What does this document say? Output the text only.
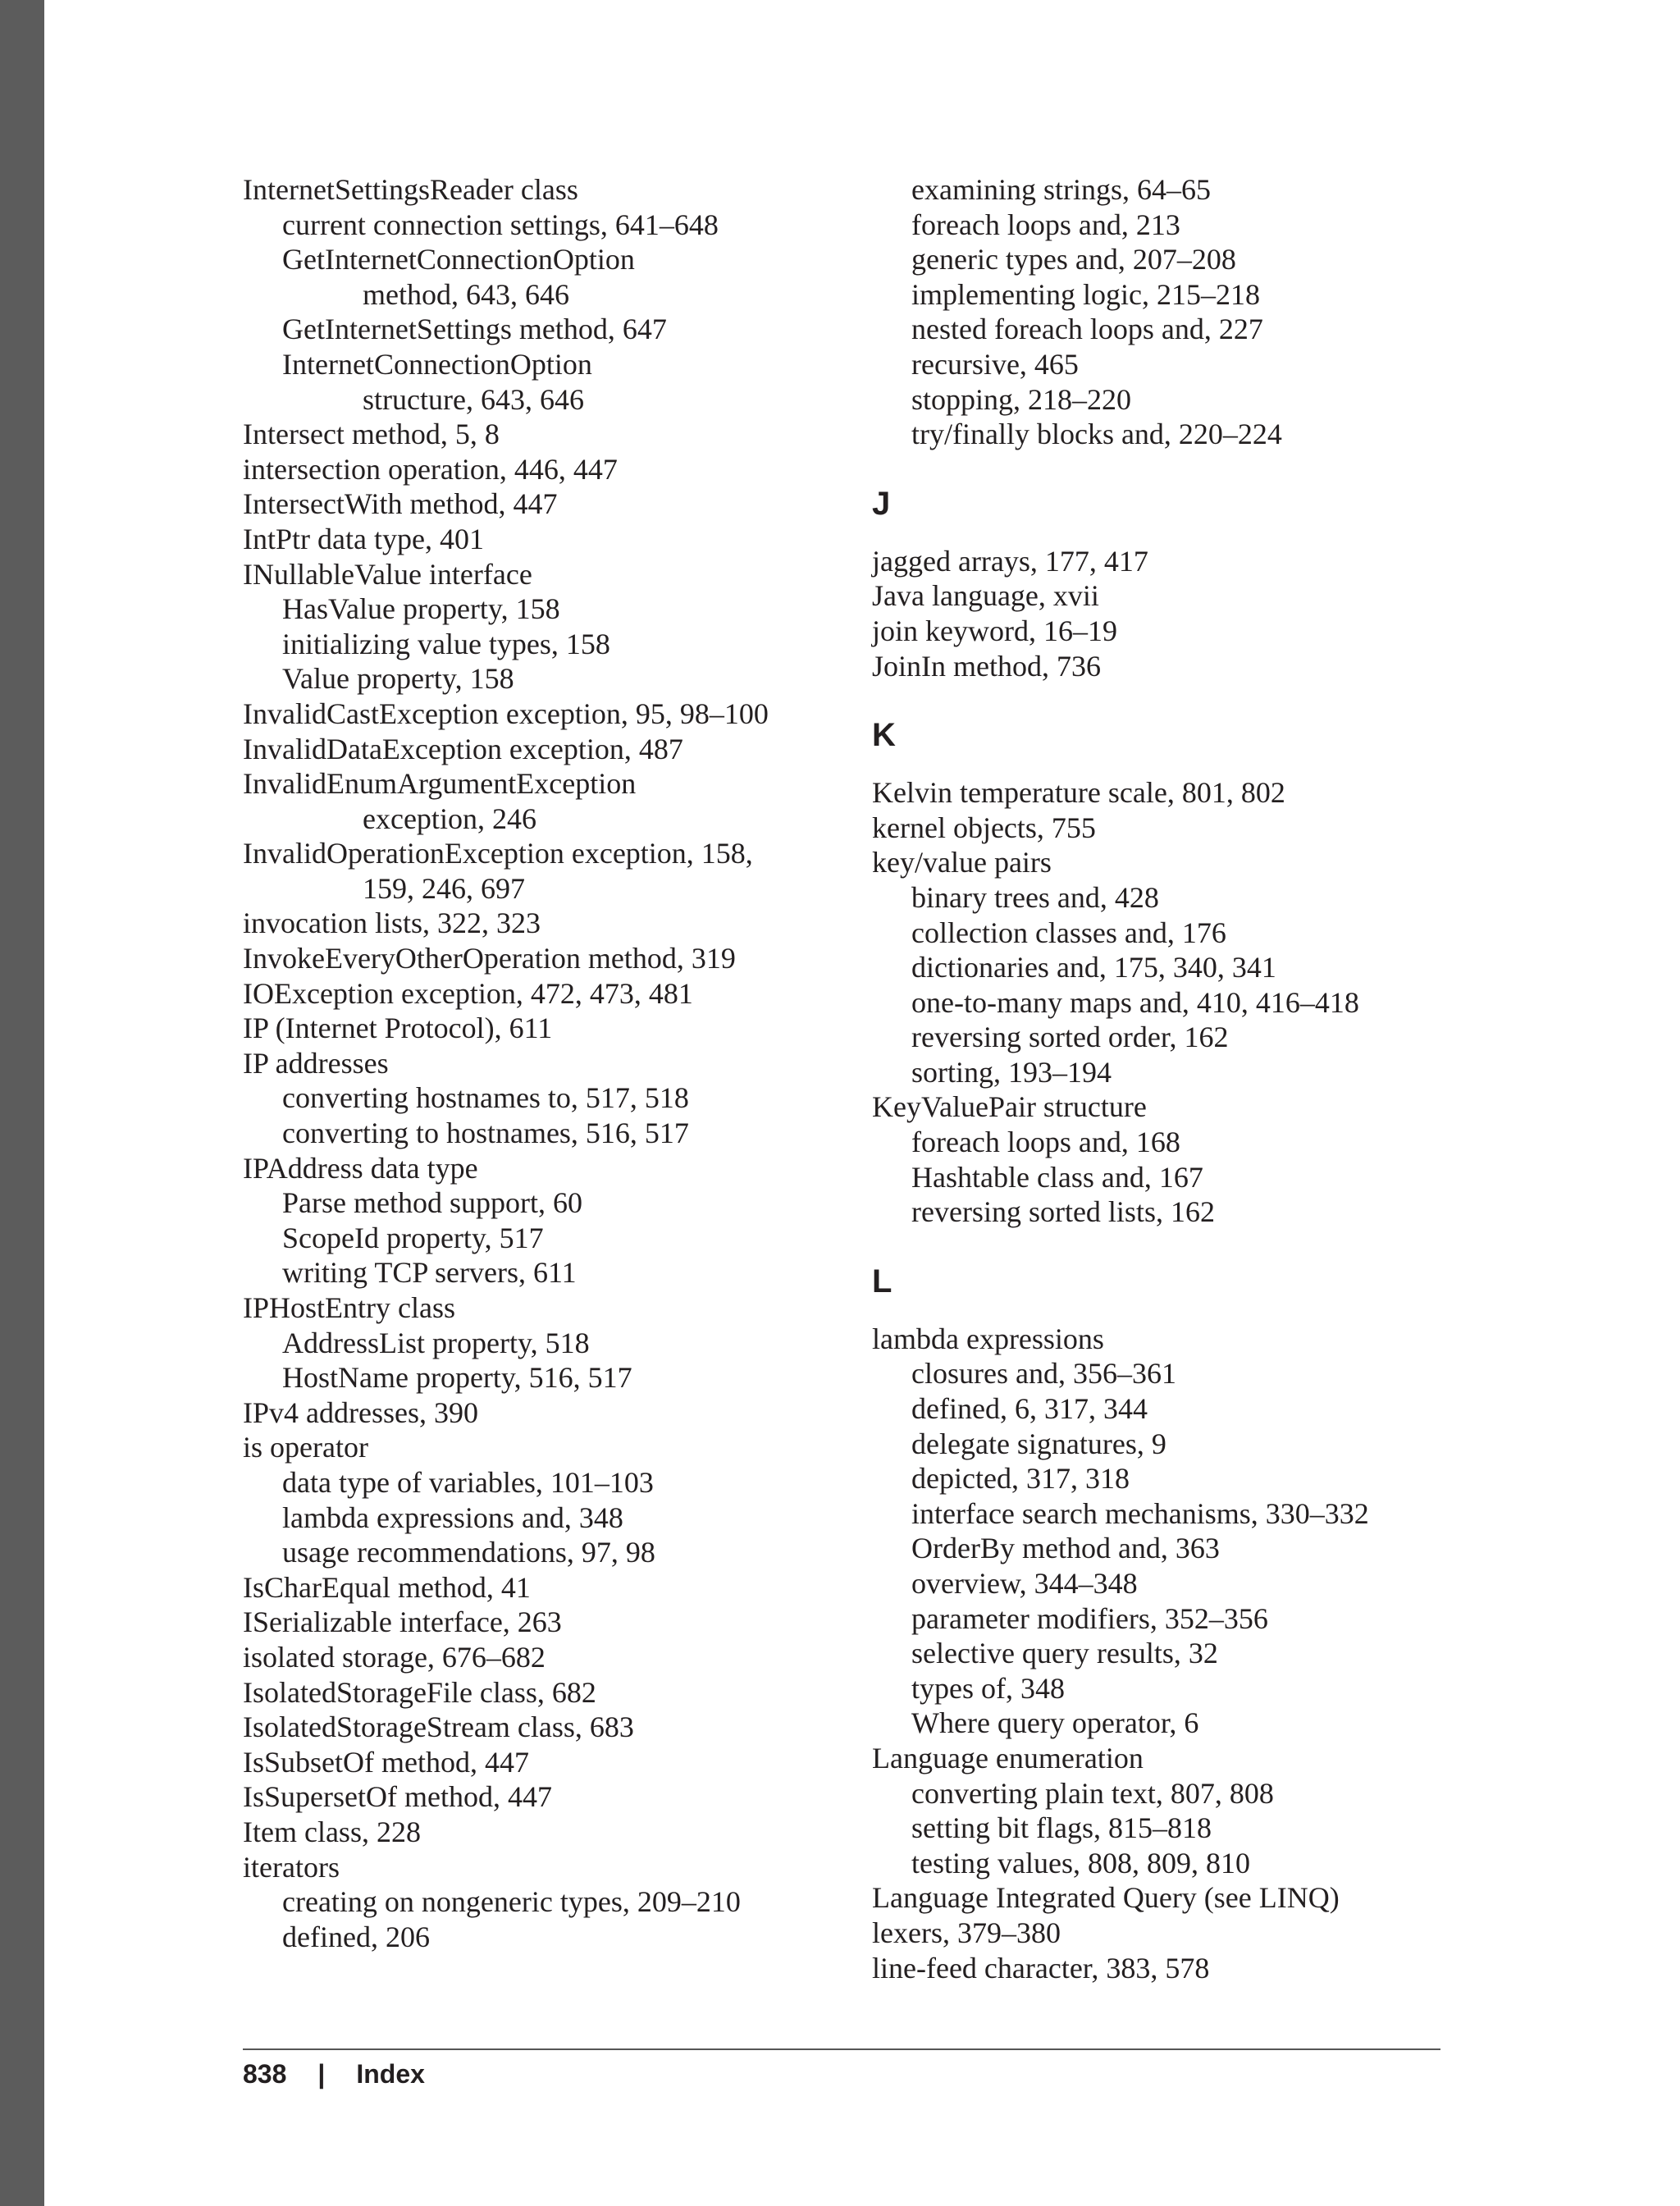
InternetSettingsReader class
current connection settings, 641–648
GetInternetConnectionOption
method, 643, 646
GetInternetSettings method, 647
InternetConnectionOption
structure, 643, 646
Intersect method, 5, 8
intersection operation, 446, 447
IntersectWith method, 447
IntPtr data type, 401
INullableValue interface
HasValue property, 158
initializing value types, 158
Value property, 158
InvalidCastException exception, 95, 98–100
InvalidDataException exception, 487
InvalidEnumArgumentException
exception, 246
InvalidOperationException exception, 158,
159, 246, 697
invocation lists, 322, 323
InvokeEveryOtherOperation method, 319
IOException exception, 472, 473, 481
IP (Internet Protocol), 611
IP addresses
converting hostnames to, 517, 518
converting to hostnames, 516, 517
IPAddress data type
Parse method support, 60
ScopeId property, 517
writing TCP servers, 611
IPHostEntry class
AddressList property, 518
HostName property, 516, 517
IPv4 addresses, 390
is operator
data type of variables, 101–103
lambda expressions and, 348
usage recommendations, 97, 98
IsCharEqual method, 41
ISerializable interface, 263
isolated storage, 676–682
IsolatedStorageFile class, 682
IsolatedStorageStream class, 683
IsSubsetOf method, 447
IsSupersetOf method, 447
Item class, 228
iterators
creating on nongeneric types, 209–210
defined, 206
examining strings, 64–65
foreach loops and, 213
generic types and, 207–208
implementing logic, 215–218
nested foreach loops and, 227
recursive, 465
stopping, 218–220
try/finally blocks and, 220–224
J
jagged arrays, 177, 417
Java language, xvii
join keyword, 16–19
JoinIn method, 736
K
Kelvin temperature scale, 801, 802
kernel objects, 755
key/value pairs
binary trees and, 428
collection classes and, 176
dictionaries and, 175, 340, 341
one-to-many maps and, 410, 416–418
reversing sorted order, 162
sorting, 193–194
KeyValuePair structure
foreach loops and, 168
Hashtable class and, 167
reversing sorted lists, 162
L
lambda expressions
closures and, 356–361
defined, 6, 317, 344
delegate signatures, 9
depicted, 317, 318
interface search mechanisms, 330–332
OrderBy method and, 363
overview, 344–348
parameter modifiers, 352–356
selective query results, 32
types of, 348
Where query operator, 6
Language enumeration
converting plain text, 807, 808
setting bit flags, 815–818
testing values, 808, 809, 810
Language Integrated Query (see LINQ)
lexers, 379–380
line-feed character, 383, 578
838 | Index
